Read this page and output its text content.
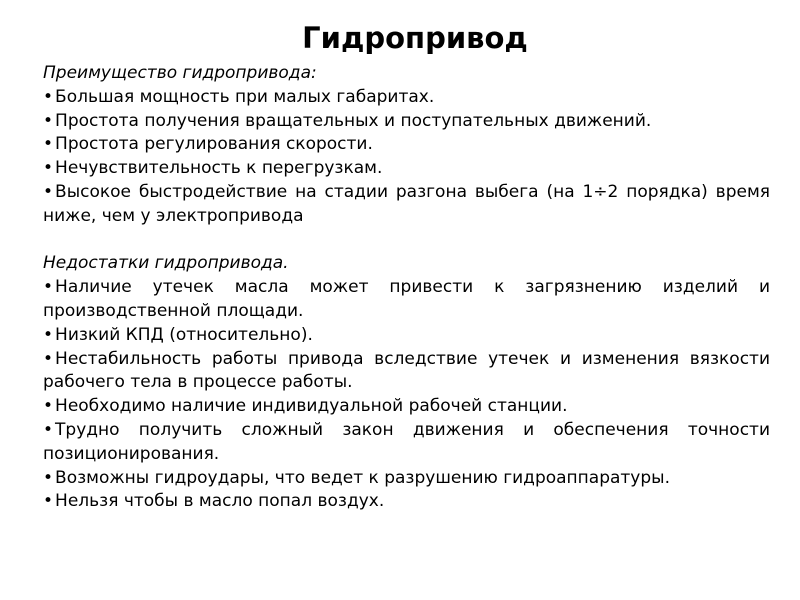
Гидропривод

Преимущество гидропривода:

• Большая мощность при малых габаритах.
• Простота получения вращательных и поступательных движений.
• Простота регулирования скорости.
• Нечувствительность к перегрузкам.
• Высокое быстродействие на стадии разгона выбега (на 1÷2 порядка) время ниже, чем у электропривода

Недостатки гидропривода.

• Наличие утечек масла может привести к загрязнению изделий и производственной площади.
• Низкий КПД (относительно).
• Нестабильность работы привода вследствие утечек и изменения вязкости рабочего тела в процессе работы.
• Необходимо наличие индивидуальной рабочей станции.
• Трудно получить сложный закон движения и обеспечения точности позиционирования.
• Возможны гидроудары, что ведет к разрушению гидроаппаратуры.
• Нельзя чтобы в масло попал воздух.
